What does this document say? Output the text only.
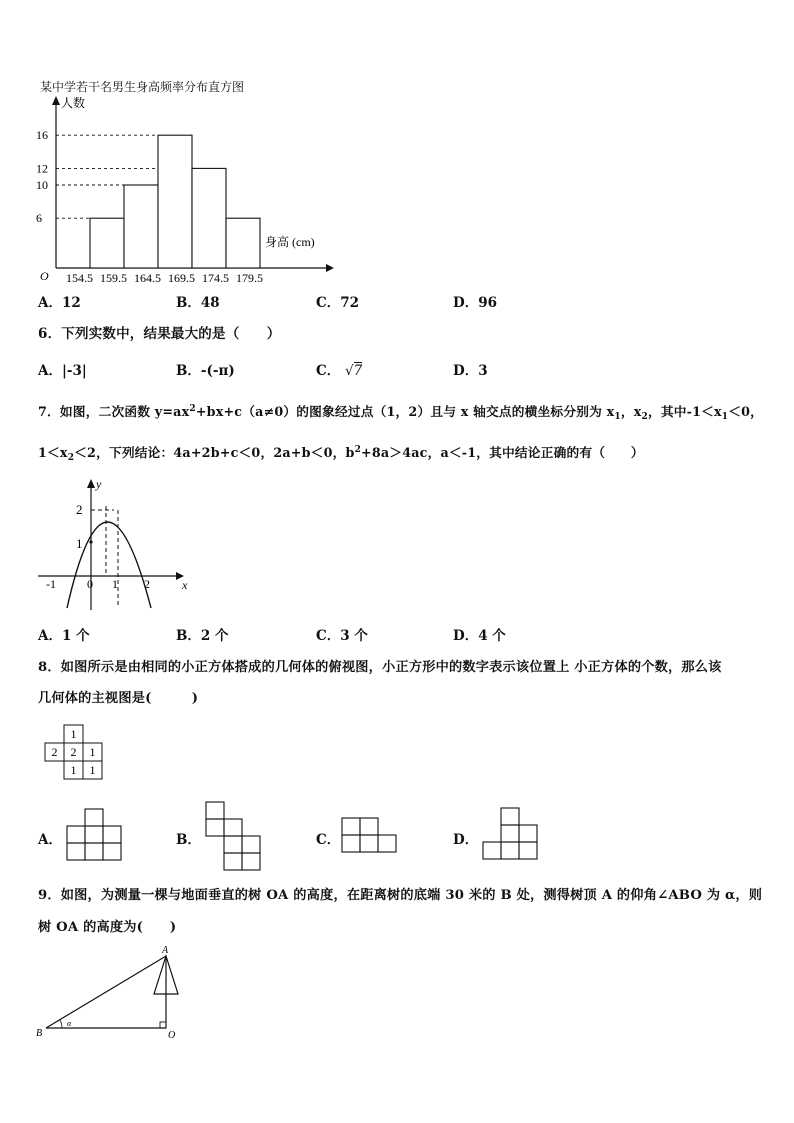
某中学若干名男生身高频率分布直方图
人数
身高 (cm)
O
6
10
12
16
154.5 159.5 164.5 169.5 174.5 179.5
A．12	B．48	C．72	D．96
6．下列实数中，结果最大的是（　　）
A．|-3|	B．-(-π)	C． √7	D．3
7．如图，二次函数 $y=ax^2+bx+c(a\ne 0)$的图象经过点（1，2）且与 x 轴交点的横坐标分别为 $x_1$，$x_2$，其中$-1<x_1<0$，
$1<x_2<2$，下列结论：4a+2b+c＜0，2a+b＜0，$b^2+8a>4ac$，a＜-1，其中结论正确的有（　　）
y
x
2
1
-1	0 1 2
A．1 个	B．2 个	C．3 个	D．4 个
8．如图所示是由相同的小正方体搭成的几何体的俯视图，小正方形中的数字表示该位置上 小正方体的个数，那么该
几何体的主视图是(　　　)
1
2 2 1
1 1
A．	B．	C．	D．
9．如图，为测量一棵与地面垂直的树 OA 的高度，在距离树的底端 30 米的 B 处，测得树顶 A 的仰角∠ABO 为 α，则
树 OA 的高度为(　　)
A
B	O
α
